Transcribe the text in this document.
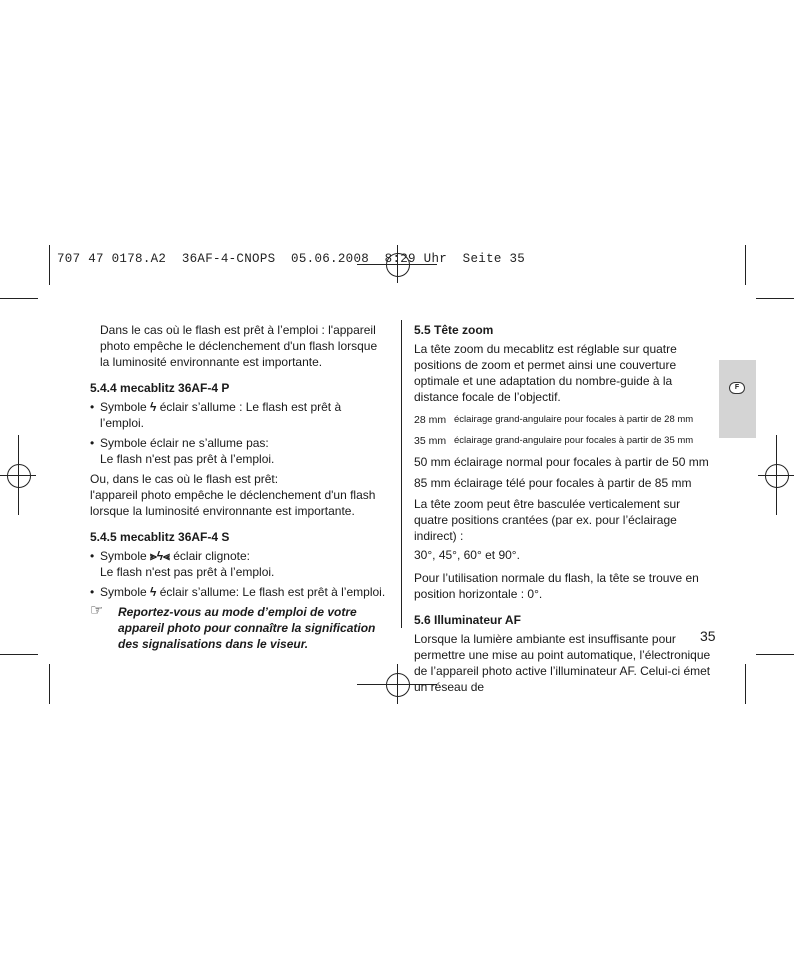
707 47 0178.A2  36AF-4-CNOPS  05.06.2008  8:29 Uhr  Seite 35
F

Dans le cas où le flash est prêt à l’emploi : l'appareil photo empêche le déclenchement d'un flash lorsque la luminosité environnante est importante.

5.4.4 mecablitz 36AF-4 P
• Symbole ϟ éclair s’allume : Le flash est prêt à l’emploi.
• Symbole éclair ne s’allume pas:
Le flash n'est pas prêt à l’emploi.
Ou, dans le cas où le flash est prêt:

l'appareil photo empêche le déclenchement d'un flash lorsque la luminosité environnante est importante.

5.4.5 mecablitz 36AF-4 S
• Symbole ⪢ϟ⪡ éclair clignote:
Le flash n'est pas prêt à l’emploi.
• Symbole ϟ éclair s’allume: Le flash est prêt à l’emploi.
☞ Reportez-vous au mode d’emploi de votre appareil photo pour connaître la signification des signalisations dans le viseur.
5.5 Tête zoom

La tête zoom du mecablitz est réglable sur quatre positions de zoom et permet ainsi une couverture optimale et une adaptation du nombre-guide à la distance focale de l’objectif.

28 mm éclairage grand-angulaire pour focales à partir de 28 mm
35 mm éclairage grand-angulaire pour focales à partir de 35 mm
50 mm éclairage normal pour focales à partir de 50 mm
85 mm éclairage télé pour focales à partir de 85 mm

La tête zoom peut être basculée verticalement sur quatre positions crantées (par ex. pour l’éclairage indirect) :

30°, 45°, 60° et 90°.

Pour l’utilisation normale du flash, la tête se trouve en position horizontale : 0°.

5.6 Illuminateur AF

Lorsque la lumière ambiante est insuffisante pour permettre une mise au point automatique, l’électronique de l’appareil photo active l’illuminateur AF. Celui-ci émet un réseau de

35
